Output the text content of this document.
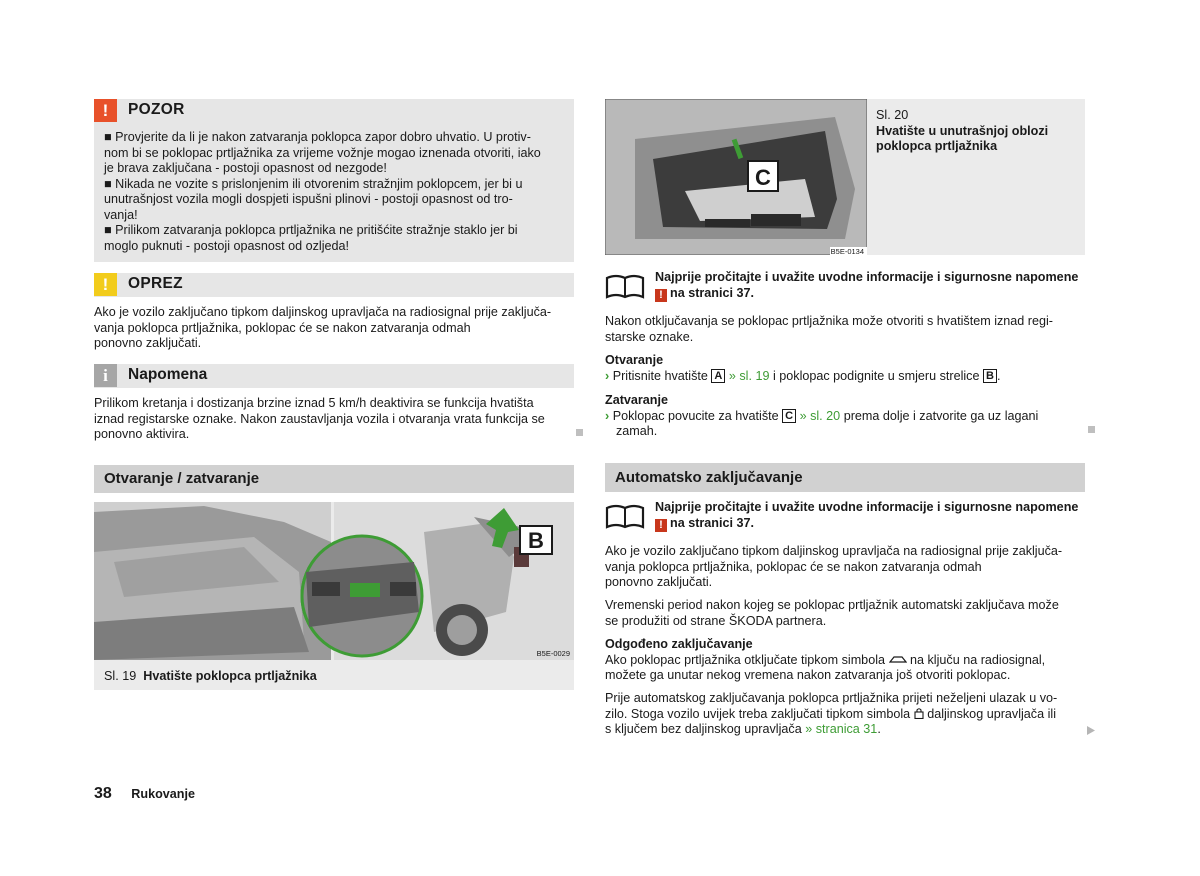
!	POZOR

■ Provjerite da li je nakon zatvaranja poklopca zapor dobro uhvatio. U protiv-

nom bi se poklopac prtljažnika za vrijeme vožnje mogao iznenada otvoriti, iako

je brava zaključana - postoji opasnost od nezgode!

■ Nikada ne vozite s prislonjenim ili otvorenim stražnjim poklopcem, jer bi u

unutrašnjost vozila mogli dospjeti ispušni plinovi - postoji opasnost od tro-

vanja!

■ Prilikom zatvaranja poklopca prtljažnika ne pritišćite stražnje staklo jer bi

moglo puknuti - postoji opasnost od ozljeda!

!	OPREZ

Ako je vozilo zaključano tipkom daljinskog upravljača na radiosignal prije zaključa-

vanja poklopca prtljažnika, poklopac će se nakon zatvaranja odmah

ponovno zaključati.

i	Napomena

Prilikom kretanja i dostizanja brzine iznad 5 km/h deaktivira se funkcija hvatišta

iznad registarske oznake. Nakon zaustavljanja vozila i otvaranja vrata funkcija se

ponovno aktivira.

Otvaranje / zatvaranje
B
B5E-0029
Sl. 19 Hvatište poklopca prtljažnika
C
B5E-0134

Sl. 20

Hvatište u unutrašnjoj oblozi

poklopca prtljažnika

Najprije pročitajte i uvažite uvodne informacije i sigurnosne napomene

! na stranici 37.

Nakon otključavanja se poklopac prtljažnika može otvoriti s hvatištem iznad regi-

starske oznake.

Otvaranje

› Pritisnite hvatište A » sl. 19 i poklopac podignite u smjeru strelice B .

Zatvaranje

› Poklopac povucite za hvatište C » sl. 20 prema dolje i zatvorite ga uz lagani

zamah.

Automatsko zaključavanje

Najprije pročitajte i uvažite uvodne informacije i sigurnosne napomene

! na stranici 37.

Ako je vozilo zaključano tipkom daljinskog upravljača na radiosignal prije zaključa-

vanja poklopca prtljažnika, poklopac će se nakon zatvaranja odmah

ponovno zaključati.

Vremenski period nakon kojeg se poklopac prtljažnik automatski zaključava može

se produžiti od strane ŠKODA partnera.

Odgođeno zaključavanje

Ako poklopac prtljažnika otključate tipkom simbola na ključu na radiosignal,

možete ga unutar nekog vremena nakon zatvaranja još otvoriti poklopac.

Prije automatskog zaključavanja poklopca prtljažnika prijeti neželjeni ulazak u vo-

zilo. Stoga vozilo uvijek treba zaključati tipkom simbola daljinskog upravljača ili

s ključem bez daljinskog upravljača » stranica 31.

38 Rukovanje
